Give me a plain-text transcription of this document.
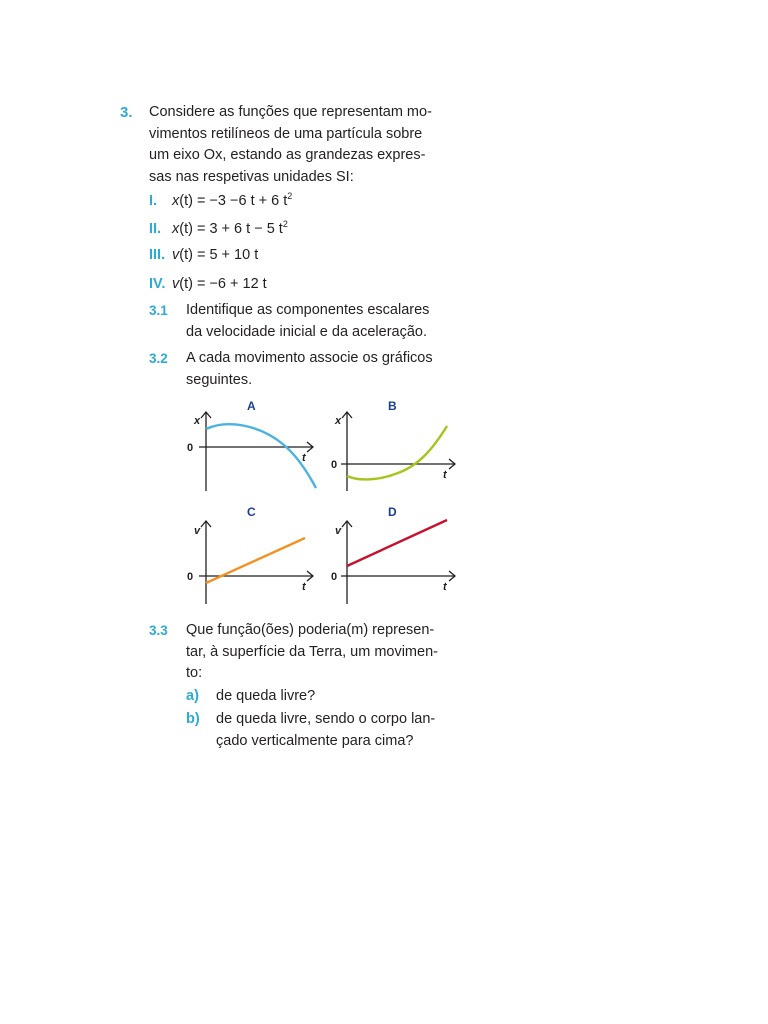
3. Considere as funções que representam mo-
vimentos retilíneos de uma partícula sobre
um eixo Ox, estando as grandezas expres-
sas nas respetivas unidades SI:

I. x(t) = −3 −6 t + 6 $t^2$
II. x(t) = 3 + 6 t − 5 $t^2$
III. v(t) = 5 + 10 t
IV. v(t) = −6 + 12 t
3.1 Identifique as componentes escalares
da velocidade inicial e da aceleração.
3.2 A cada movimento associe os gráficos
seguintes.
A
x
t
0
B
x
t
0
C
v
t
0
D
v
t
0
3.3 Que função(ões) poderia(m) represen-
tar, à superfície da Terra, um movimen-
to:
a) de queda livre?
b) de queda livre, sendo o corpo lan-
çado verticalmente para cima?
